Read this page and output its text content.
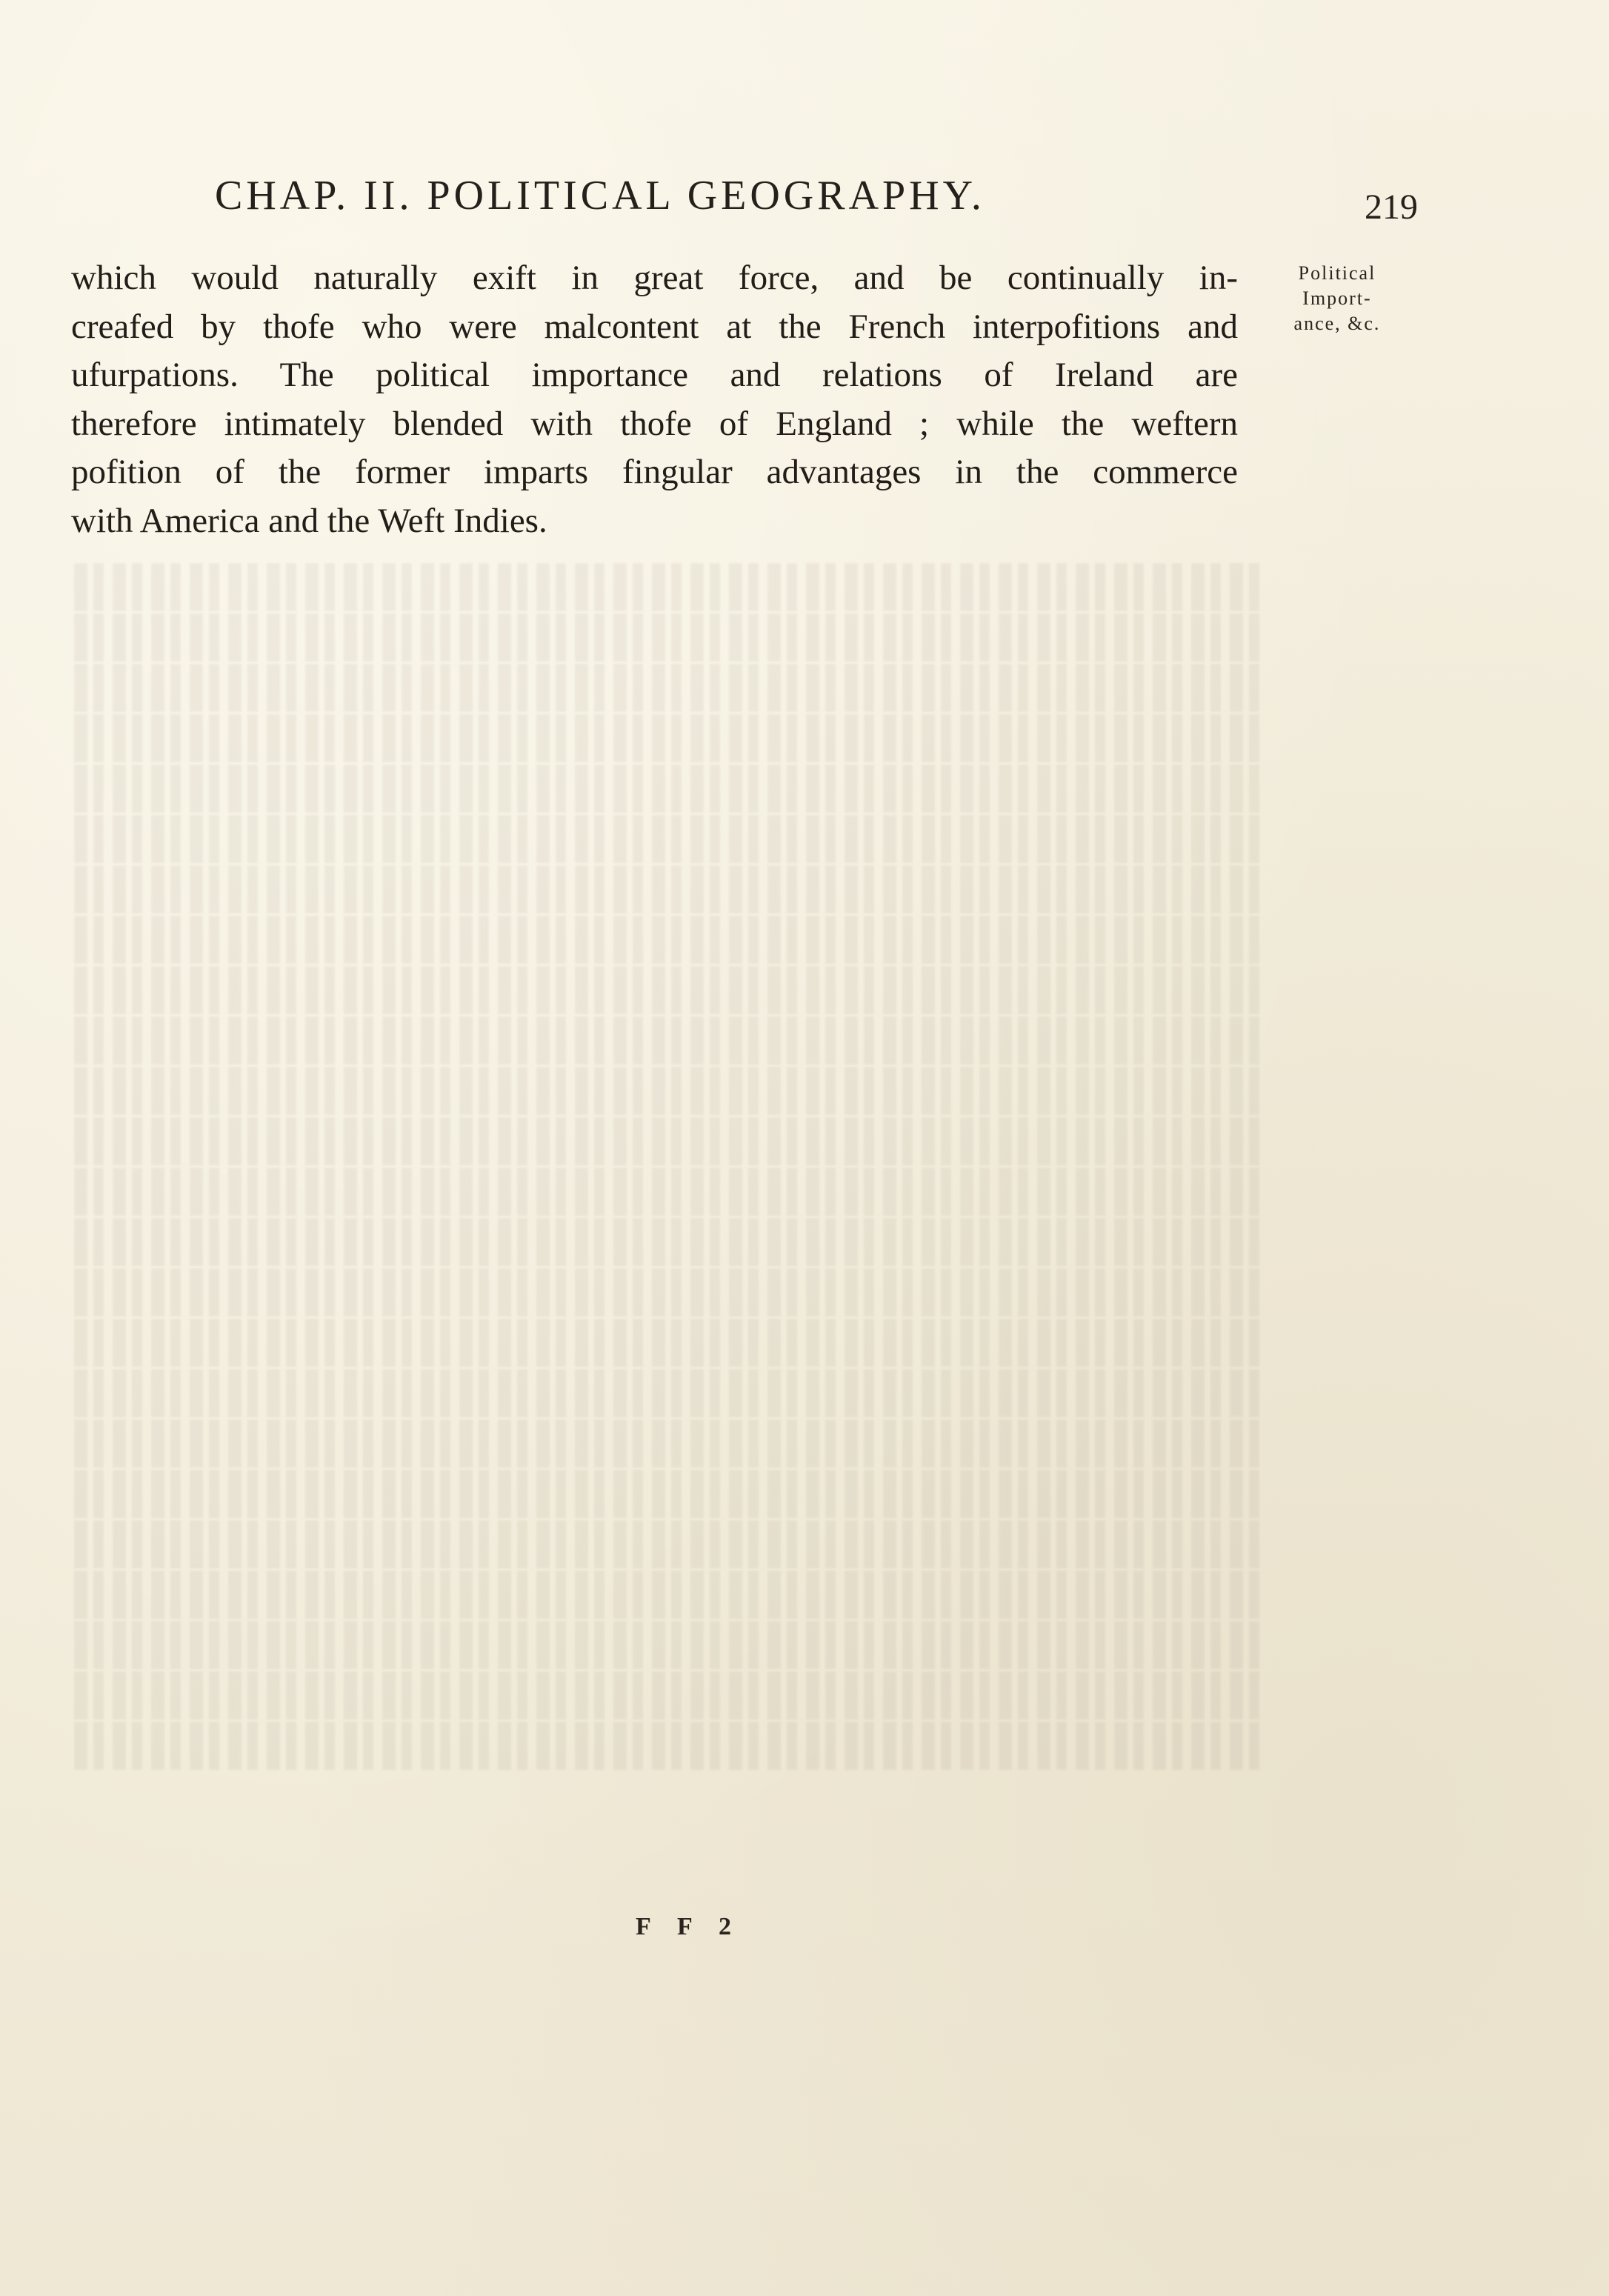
CHAP. II. POLITICAL GEOGRAPHY.	219
which would naturally exift in great force, and be continually in-
creafed by thofe who were malcontent at the French interpofitions and
ufurpations. The political importance and relations of Ireland are
therefore intimately blended with thofe of England ; while the weftern
pofition of the former imparts fingular advantages in the commerce
with America and the Weft Indies.
Political
Import-
ance, &c.
F F 2
